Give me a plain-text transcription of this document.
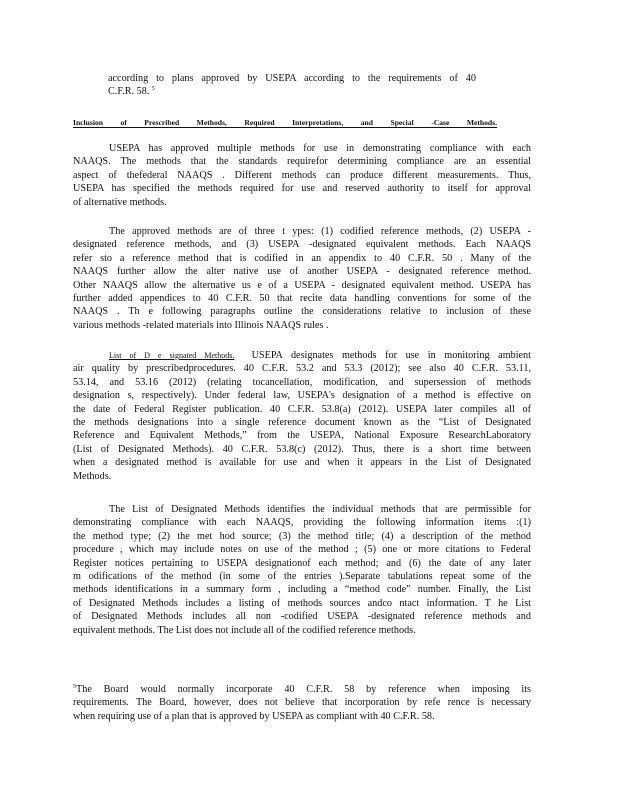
according to plans approved by USEPA according to the requirements of 40
C.F.R. 58. $^5$
Inclusion of Prescribed Methods, Required Interpretations, and Special -Case Methods.
USEPA has approved multiple methods for use in demonstrating compliance with each
NAAQS. The methods that the standards requirefor determining compliance are an essential
aspect of thefederal NAAQS . Different methods can produce different measurements. Thus,
USEPA has specified the methods required for use and reserved authority to itself for approval
of alternative methods.
The approved methods are of three t ypes: (1) codified reference methods, (2) USEPA -
designated reference methods, and (3) USEPA -designated equivalent methods. Each NAAQS
refer sto a reference method that is codified in an appendix to 40 C.F.R. 50 . Many of the
NAAQS further allow the alter native use of another USEPA - designated reference method.
Other NAAQS allow the alternative us e of a USEPA - designated equivalent method. USEPA has
further added appendices to 40 C.F.R. 50 that recite data handling conventions for some of the
NAAQS . Th e following paragraphs outline the considerations relative to inclusion of these
various methods -related materials into Illinois NAAQS rules .
List of D e signated Methods. USEPA designates methods for use in monitoring ambient
air quality by prescribedprocedures. 40 C.F.R. 53.2 and 53.3 (2012); see also 40 C.F.R. 53.11,
53.14, and 53.16 (2012) (relating tocancellation, modification, and supersession of methods
designation s, respectively). Under federal law, USEPA's designation of a method is effective on
the date of Federal Register publication. 40 C.F.R. 53.8(a) (2012). USEPA later compiles all of
the methods designations into a single reference document known as the “List of Designated
Reference and Equivalent Methods,” from the USEPA, National Exposure ResearchLaboratory
(List of Designated Methods). 40 C.F.R. 53.8(c) (2012). Thus, there is a short time between
when a designated method is available for use and when it appears in the List of Designated
Methods.
The List of Designated Methods identifies the individual methods that are permissible for
demonstrating compliance with each NAAQS, providing the following information items :(1)
the method type; (2) the met hod source; (3) the method title; (4) a description of the method
procedure , which may include notes on use of the method ; (5) one or more citations to Federal
Register notices pertaining to USEPA designationof each method; and (6) the date of any later
m odifications of the method (in some of the entries ).Separate tabulations repeat some of the
methods identifications in a summary form , including a “method code” number. Finally, the List
of Designated Methods includes a listing of methods sources andco ntact information. T he List
of Designated Methods includes all non -codified USEPA -designated reference methods and
equivalent methods. The List does not include all of the codified reference methods.
$^5$The Board would normally incorporate 40 C.F.R. 58 by reference when imposing its
requirements. The Board, however, does not believe that incorporation by refe rence is necessary
when requiring use of a plan that is approved by USEPA as compliant with 40 C.F.R. 58.
